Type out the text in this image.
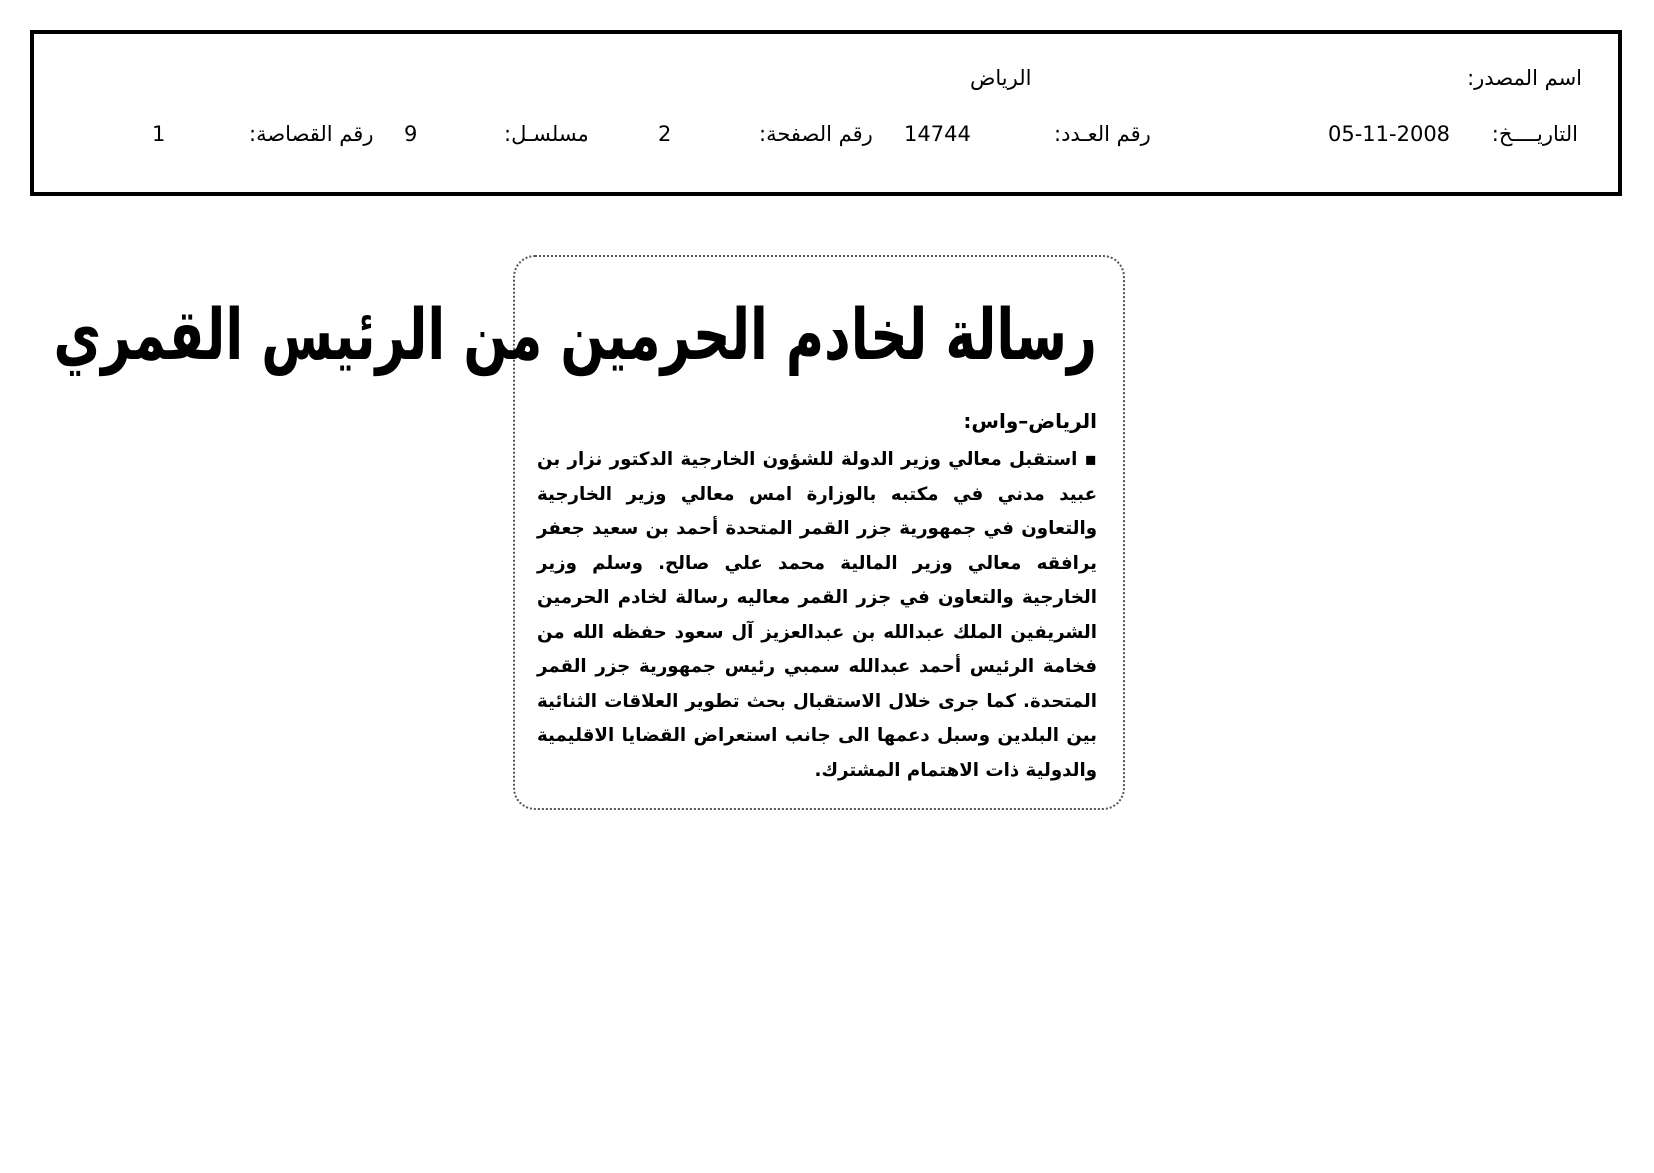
اسم المصدر:
الرياض
التاريــــخ:
05-11-2008
رقم العـدد:
14744
رقم الصفحة:
2
مسلسـل:
9
رقم القصاصة:
1
رسالة لخادم الحرمين من الرئيس القمري
الرياض–واس:
▪ استقبل معالي وزير الدولة للشؤون الخارجية الدكتور نزار بن عبيد مدني في مكتبه بالوزارة امس معالي وزير الخارجية والتعاون في جمهورية جزر القمر المتحدة أحمد بن سعيد جعفر يرافقه معالي وزير المالية محمد علي صالح. وسلم وزير الخارجية والتعاون في جزر القمر معاليه رسالة لخادم الحرمين الشريفين الملك عبدالله بن عبدالعزيز آل سعود حفظه الله من فخامة الرئيس أحمد عبدالله سمبي رئيس جمهورية جزر القمر المتحدة. كما جرى خلال الاستقبال بحث تطوير العلاقات الثنائية بين البلدين وسبل دعمها الى جانب استعراض القضايا الاقليمية والدولية ذات الاهتمام المشترك.
